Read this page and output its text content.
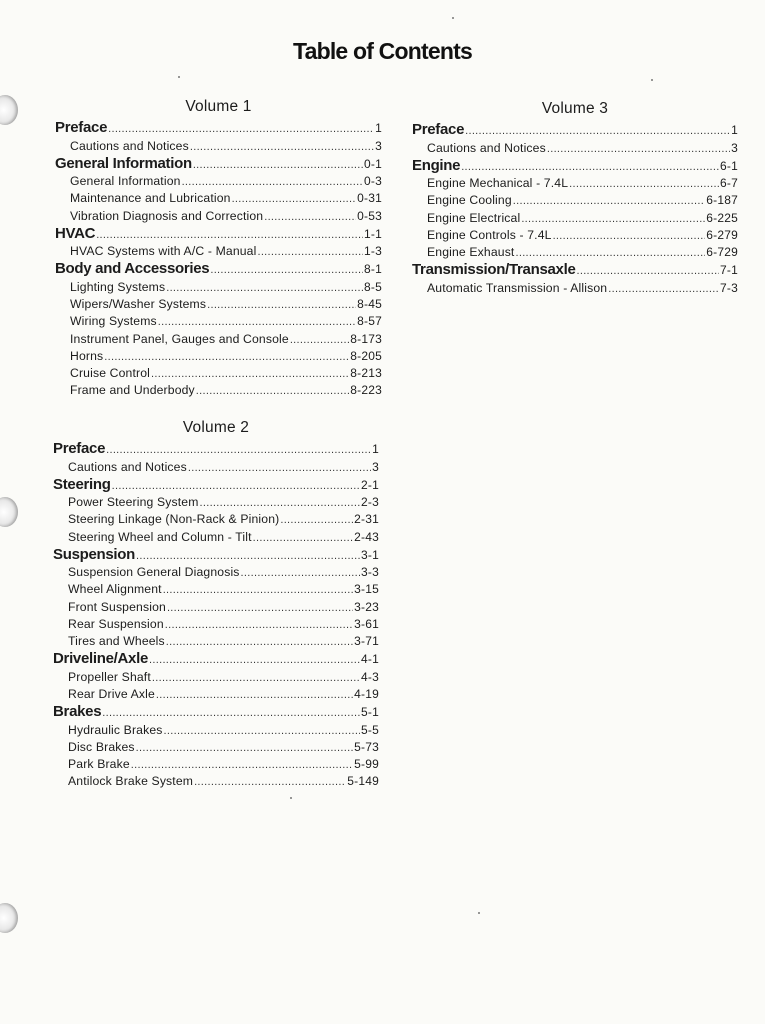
Table of Contents
Volume 1
Preface .....	1
Cautions and Notices .....	3
General Information .....	0-1
General Information .....	0-3
Maintenance and Lubrication .....	0-31
Vibration Diagnosis and Correction .....	0-53
HVAC .....	1-1
HVAC Systems with A/C - Manual .....	1-3
Body and Accessories .....	8-1
Lighting Systems .....	8-5
Wipers/Washer Systems .....	8-45
Wiring Systems .....	8-57
Instrument Panel, Gauges and Console .....	8-173
Horns .....	8-205
Cruise Control .....	8-213
Frame and Underbody .....	8-223
Volume 2
Preface .....	1
Cautions and Notices .....	3
Steering .....	2-1
Power Steering System .....	2-3
Steering Linkage (Non-Rack & Pinion) .....	2-31
Steering Wheel and Column - Tilt .....	2-43
Suspension .....	3-1
Suspension General Diagnosis .....	3-3
Wheel Alignment .....	3-15
Front Suspension .....	3-23
Rear Suspension .....	3-61
Tires and Wheels .....	3-71
Driveline/Axle .....	4-1
Propeller Shaft .....	4-3
Rear Drive Axle .....	4-19
Brakes .....	5-1
Hydraulic Brakes .....	5-5
Disc Brakes .....	5-73
Park Brake .....	5-99
Antilock Brake System .....	5-149
Volume 3
Preface .....	1
Cautions and Notices .....	3
Engine .....	6-1
Engine Mechanical - 7.4L .....	6-7
Engine Cooling .....	6-187
Engine Electrical .....	6-225
Engine Controls - 7.4L .....	6-279
Engine Exhaust .....	6-729
Transmission/Transaxle .....	7-1
Automatic Transmission - Allison .....	7-3
